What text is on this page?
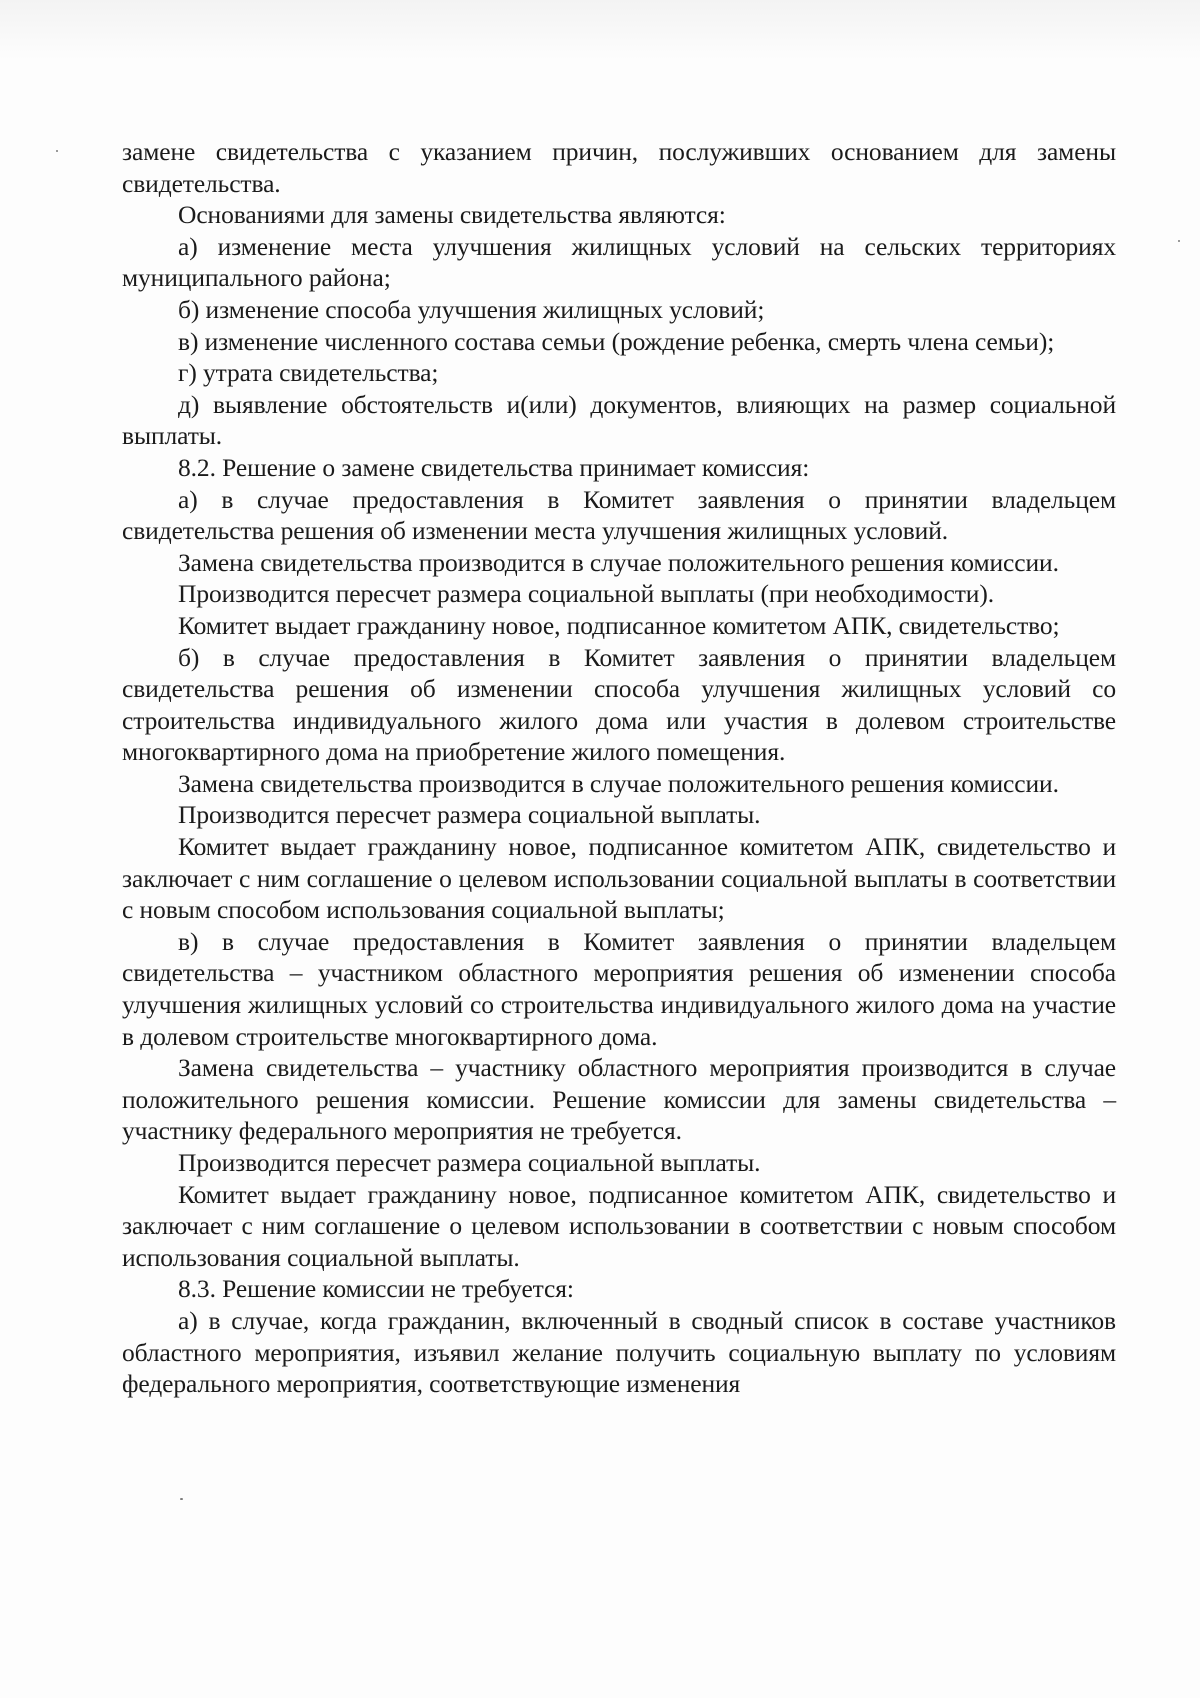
замене свидетельства с указанием причин, послуживших основанием для замены свидетельства.

Основаниями для замены свидетельства являются:

а) изменение места улучшения жилищных условий на сельских территориях муниципального района;

б) изменение способа улучшения жилищных условий;

в) изменение численного состава семьи (рождение ребенка, смерть члена семьи);

г) утрата свидетельства;

д) выявление обстоятельств и(или) документов, влияющих на размер социальной выплаты.

8.2. Решение о замене свидетельства принимает комиссия:

а) в случае предоставления в Комитет заявления о принятии владельцем свидетельства решения об изменении места улучшения жилищных условий.

Замена свидетельства производится в случае положительного решения комиссии.

Производится пересчет размера социальной выплаты (при необходимости).

Комитет выдает гражданину новое, подписанное комитетом АПК, свидетельство;

б) в случае предоставления в Комитет заявления о принятии владельцем свидетельства решения об изменении способа улучшения жилищных условий со строительства индивидуального жилого дома или участия в долевом строительстве многоквартирного дома на приобретение жилого помещения.

Замена свидетельства производится в случае положительного решения комиссии.

Производится пересчет размера социальной выплаты.

Комитет выдает гражданину новое, подписанное комитетом АПК, свидетельство и заключает с ним соглашение о целевом использовании социальной выплаты в соответствии с новым способом использования социальной выплаты;

в) в случае предоставления в Комитет заявления о принятии владельцем свидетельства – участником областного мероприятия решения об изменении способа улучшения жилищных условий со строительства индивидуального жилого дома на участие в долевом строительстве многоквартирного дома.

Замена свидетельства – участнику областного мероприятия производится в случае положительного решения комиссии. Решение комиссии для замены свидетельства – участнику федерального мероприятия не требуется.

Производится пересчет размера социальной выплаты.

Комитет выдает гражданину новое, подписанное комитетом АПК, свидетельство и заключает с ним соглашение о целевом использовании в соответствии с новым способом использования социальной выплаты.

8.3. Решение комиссии не требуется:

а) в случае, когда гражданин, включенный в сводный список в составе участников областного мероприятия, изъявил желание получить социальную выплату по условиям федерального мероприятия, соответствующие изменения
